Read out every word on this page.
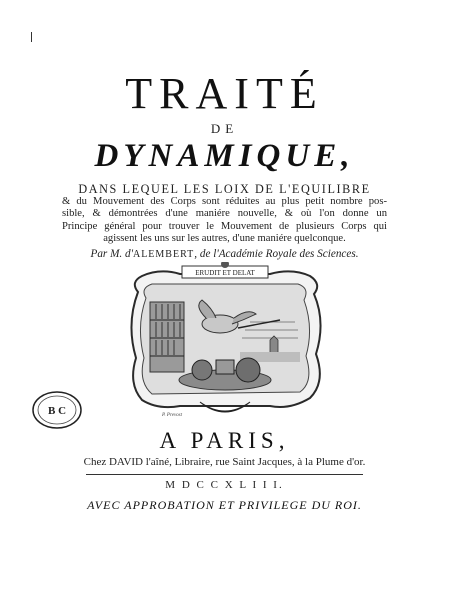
TRAITÉ
DE
DYNAMIQUE,
DANS LEQUEL LES LOIX DE L'EQUILIBRE
& du Mouvement des Corps sont réduites au plus petit nombre pos-
sible, & démontrées d'une maniére nouvelle, & où l'on donne un
Principe général pour trouver le Mouvement de plusieurs Corps qui
agissent les uns sur les autres, d'une maniére quelconque.
Par M. d'ALEMBERT, de l'Académie Royale des Sciences.
ERUDIT ET DELAT
P. Prevost
B C
A PARIS,
Chez DAVID l'aîné, Libraire, rue Saint Jacques, à la Plume d'or.
M D C C X L I I I.
AVEC APPROBATION ET PRIVILEGE DU ROI.
